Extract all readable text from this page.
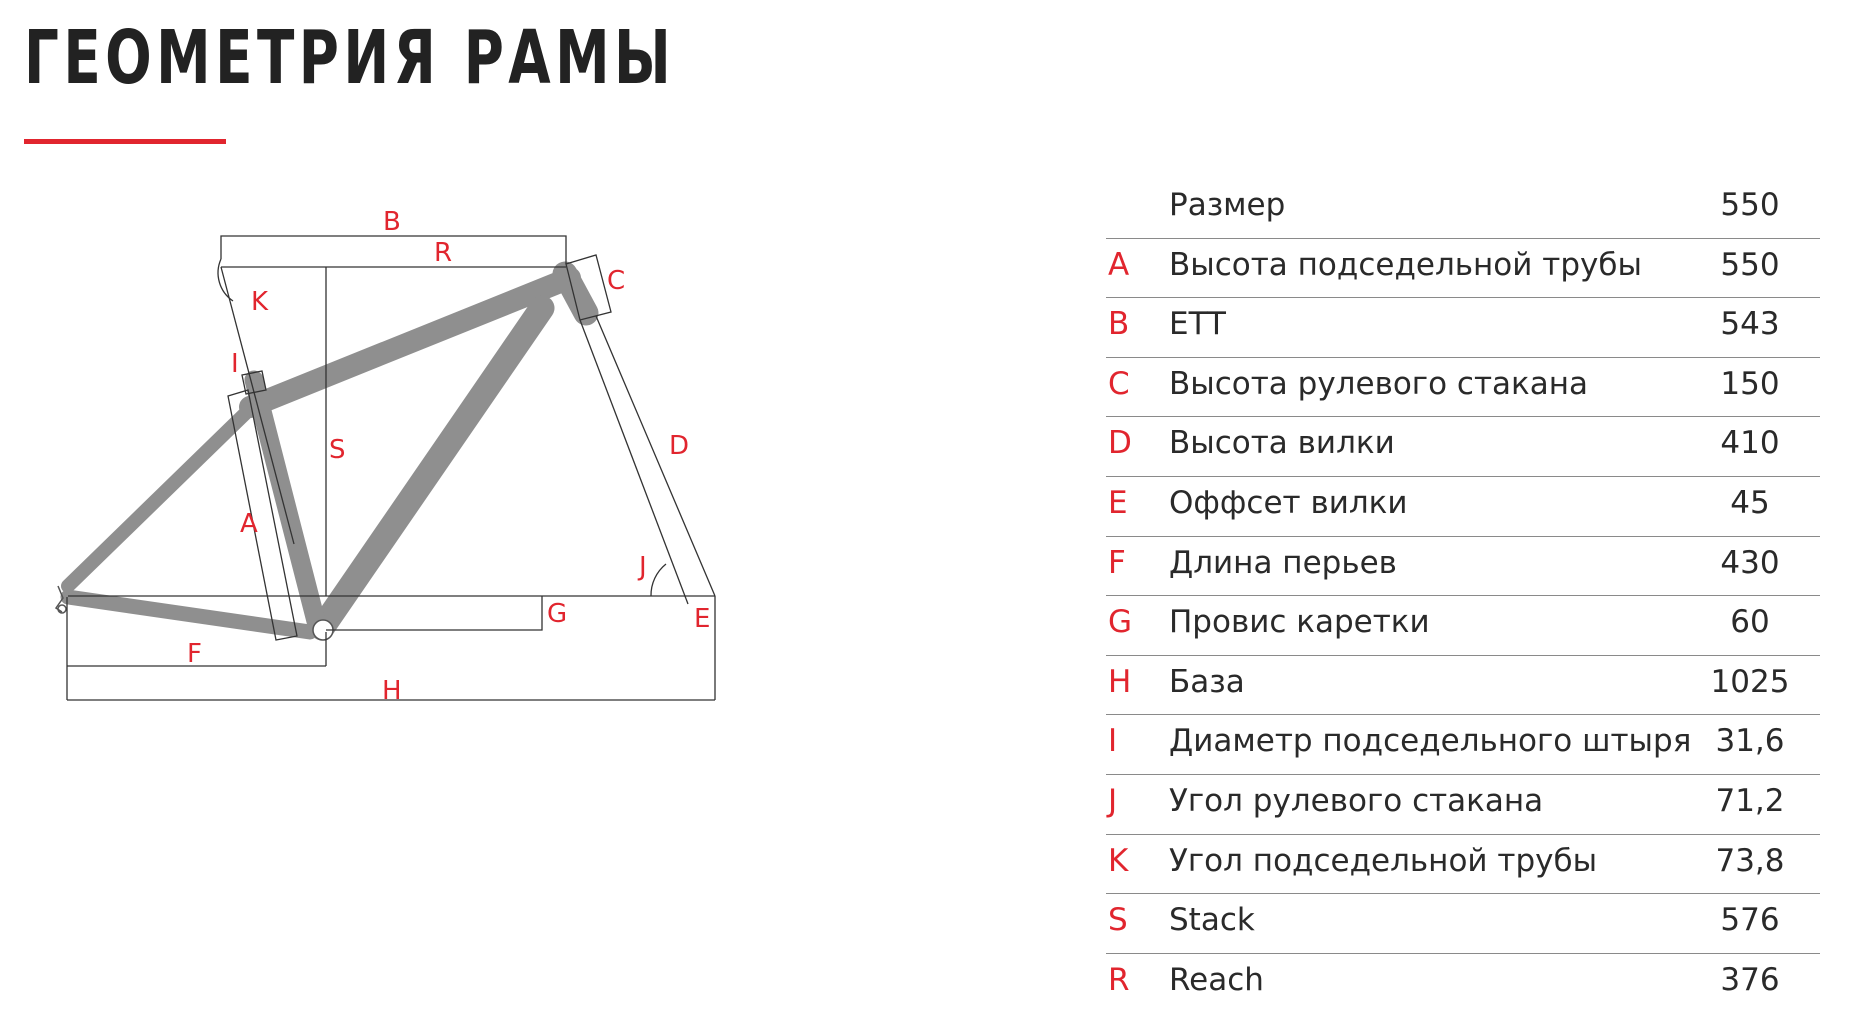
ГЕОМЕТРИЯ РАМЫ
B
R
C
K
I
S	D
A
J
G	E
F
H
Размер	550
A Высота подседельной трубы	550
B ETT	543
C Высота рулевого стакана	150
D Высота вилки	410
E Оффсет вилки	45
F Длина перьев	430
G Провис каретки	60
H База	1025
I Диаметр подседельного штыря 31,6
J Угол рулевого стакана	71,2
K Угол подседельной трубы	73,8
S Stack	576
R Reach	376
